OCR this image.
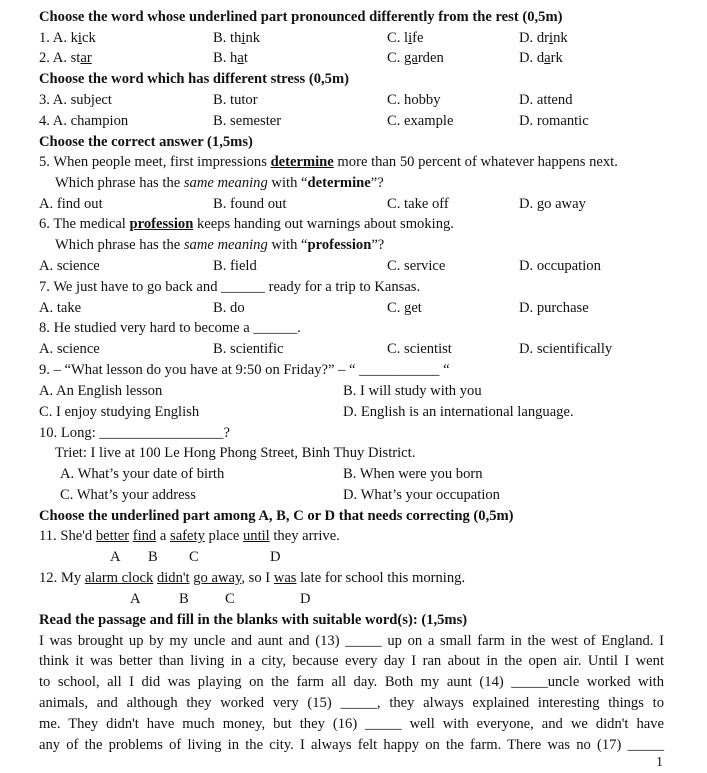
Choose the word whose underlined part pronounced differently from the rest (0,5m)
1. A. kick	B. think	C. life	D. drink
2. A. star	B. hat	C. garden	D. dark
Choose the word which has different stress (0,5m)
3. A. subject	B. tutor	C. hobby	D. attend
4. A. champion	B. semester	C. example	D. romantic
Choose the correct answer (1,5ms)
5. When people meet, first impressions determine more than 50 percent of whatever happens next.
Which phrase has the same meaning with “determine”?
A. find out	B. found out	C. take off	D. go away
6. The medical profession keeps handing out warnings about smoking.
Which phrase has the same meaning with “profession”?
A. science	B. field	C. service	D. occupation
7. We just have to go back and ______ ready for a trip to Kansas.
A. take	B. do	C. get	D. purchase
8. He studied very hard to become a ______.
A. science	B. scientific	C. scientist	D. scientifically
9. – “What lesson do you have at 9:50 on Friday?” – “ ___________ “
A. An English lesson	B. I will study with you
C. I enjoy studying English	D. English is an international language.
10. Long: _________________?
Triet: I live at 100 Le Hong Phong Street, Binh Thuy District.
A. What’s your date of birth	B. When were you born
C. What’s your address	D. What’s your occupation
Choose the underlined part among A, B, C or D that needs correcting (0,5m)
11. She'd better find a safety place until they arrive.
A B C	D
12. My alarm clock didn't go away, so I was late for school this morning.
A	B C	D
Read the passage and fill in the blanks with suitable word(s): (1,5ms)
I was brought up by my uncle and aunt and (13) _____ up on a small farm in the west of England. I
think it was better than living in a city, because every day I ran about in the open air. Until I went
to school, all I did was playing on the farm all day. Both my aunt (14) _____uncle worked with
animals, and although they worked very (15) _____, they always explained interesting things to
me. They didn't have much money, but they (16) _____ well with everyone, and we didn't have
any of the problems of living in the city. I always felt happy on the farm. There was no (17) _____
1
